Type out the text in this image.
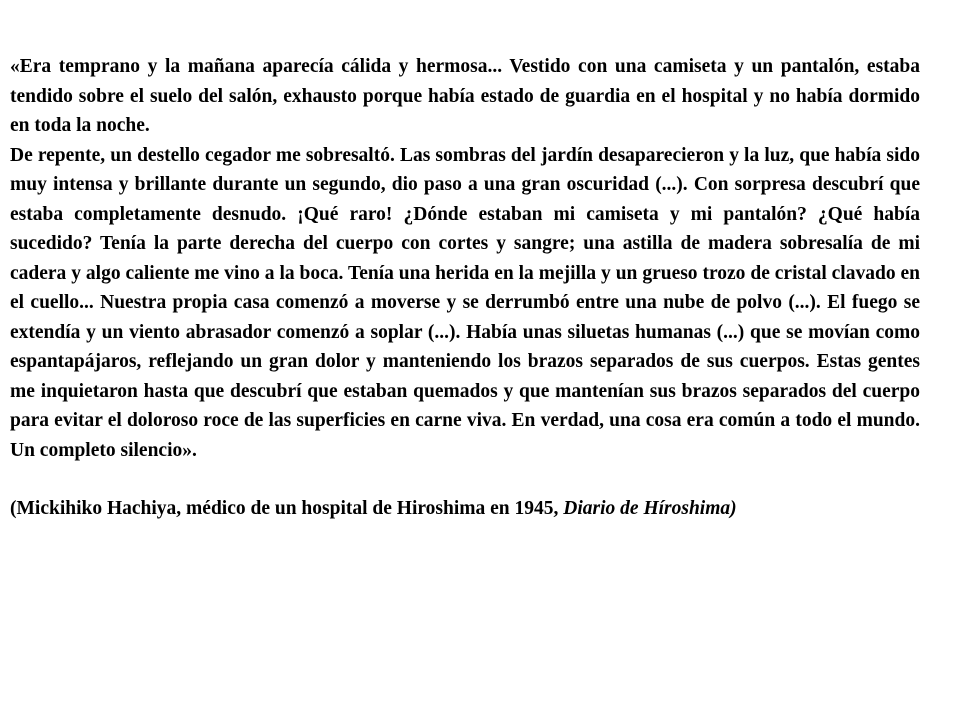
«Era temprano y la mañana aparecía cálida y hermosa... Vestido con una camiseta y un pantalón, estaba tendido sobre el suelo del salón, exhausto porque había estado de guardia en el hospital y no había dormido en toda la noche.

De repente, un destello cegador me sobresaltó. Las sombras del jardín desaparecieron y la luz, que había sido muy intensa y brillante durante un segundo, dio paso a una gran oscuridad (...). Con sorpresa descubrí que estaba completamente desnudo. ¡Qué raro! ¿Dónde estaban mi camiseta y mi pantalón? ¿Qué había sucedido? Tenía la parte derecha del cuerpo con cortes y sangre; una astilla de madera sobresalía de mi cadera y algo caliente me vino a la boca. Tenía una herida en la mejilla y un grueso trozo de cristal clavado en el cuello... Nuestra propia casa comenzó a moverse y se derrumbó entre una nube de polvo (...). El fuego se extendía y un viento abrasador comenzó a soplar (...). Había unas siluetas humanas (...) que se movían como espantapájaros, reflejando un gran dolor y manteniendo los brazos separados de sus cuerpos. Estas gentes me inquietaron hasta que descubrí que estaban quemados y que mantenían sus brazos separados del cuerpo para evitar el doloroso roce de las superficies en carne viva. En verdad, una cosa era común a todo el mundo. Un completo silencio».

(Mickihiko Hachiya, médico de un hospital de Hiroshima en 1945, Diario de Híroshima)
